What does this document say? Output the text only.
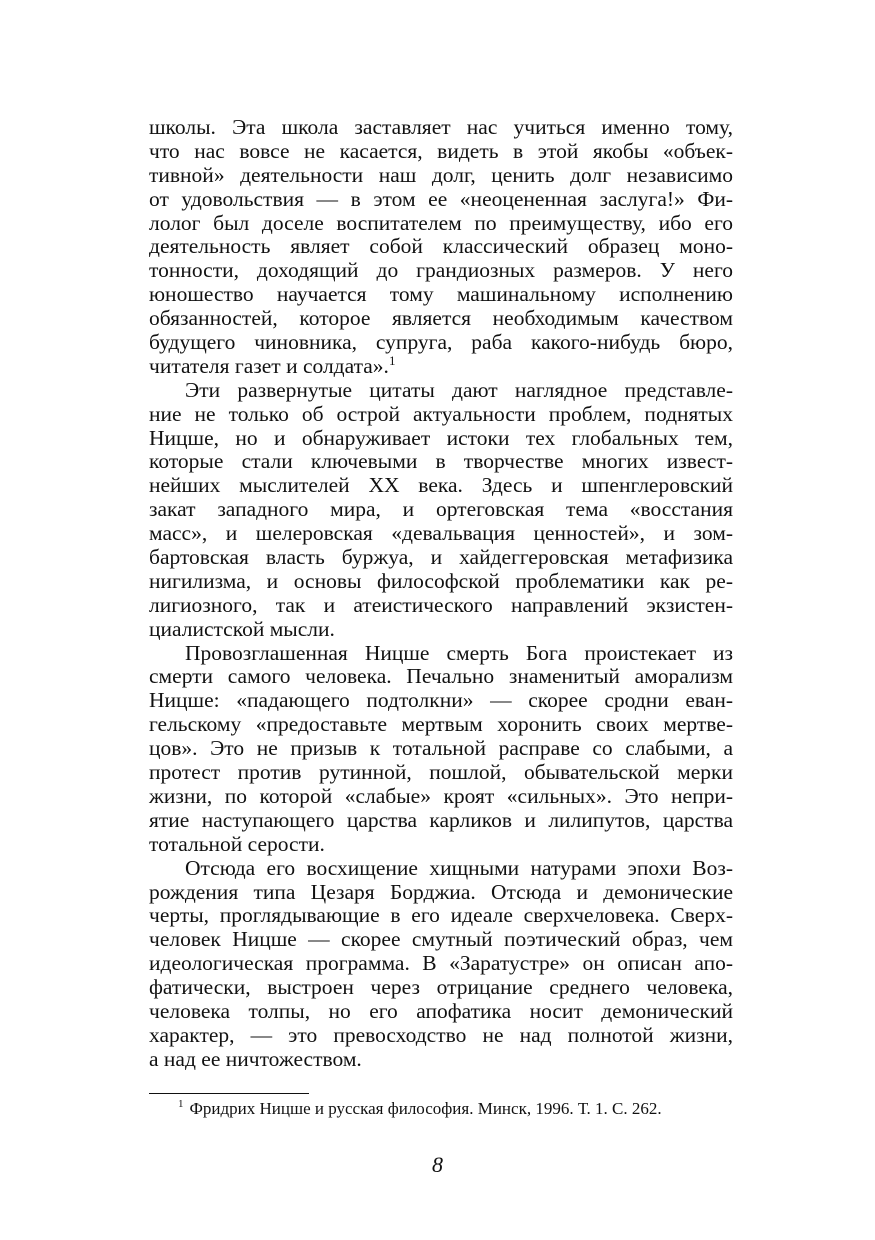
школы. Эта школа заставляет нас учиться именно тому,
что нас вовсе не касается, видеть в этой якобы «объек-
тивной» деятельности наш долг, ценить долг независимо
от удовольствия — в этом ее «неоцененная заслуга!» Фи-
лолог был доселе воспитателем по преимуществу, ибо его
деятельность являет собой классический образец моно-
тонности, доходящий до грандиозных размеров. У него
юношество научается тому машинальному исполнению
обязанностей, которое является необходимым качеством
будущего чиновника, супруга, раба какого-нибудь бюро,
читателя газет и солдата».$^1$
Эти развернутые цитаты дают наглядное представле-
ние не только об острой актуальности проблем, поднятых
Ницше, но и обнаруживает истоки тех глобальных тем,
которые стали ключевыми в творчестве многих извест-
нейших мыслителей XX века. Здесь и шпенглеровский
закат западного мира, и ортеговская тема «восстания
масс», и шелеровская «девальвация ценностей», и зом-
бартовская власть буржуа, и хайдеггеровская метафизика
нигилизма, и основы философской проблематики как ре-
лигиозного, так и атеистического направлений экзистен-
циалистской мысли.
Провозглашенная Ницше смерть Бога проистекает из
смерти самого человека. Печально знаменитый аморализм
Ницше: «падающего подтолкни» — скорее сродни еван-
гельскому «предоставьте мертвым хоронить своих мертве-
цов». Это не призыв к тотальной расправе со слабыми, а
протест против рутинной, пошлой, обывательской мерки
жизни, по которой «слабые» кроят «сильных». Это непри-
ятие наступающего царства карликов и лилипутов, царства
тотальной серости.
Отсюда его восхищение хищными натурами эпохи Воз-
рождения типа Цезаря Борджиа. Отсюда и демонические
черты, проглядывающие в его идеале сверхчеловека. Сверх-
человек Ницше — скорее смутный поэтический образ, чем
идеологическая программа. В «Заратустре» он описан апо-
фатически, выстроен через отрицание среднего человека,
человека толпы, но его апофатика носит демонический
характер, — это превосходство не над полнотой жизни,
а над ее ничтожеством.
$^1$ Фридрих Ницше и русская философия. Минск, 1996. Т. 1. С. 262.
8
